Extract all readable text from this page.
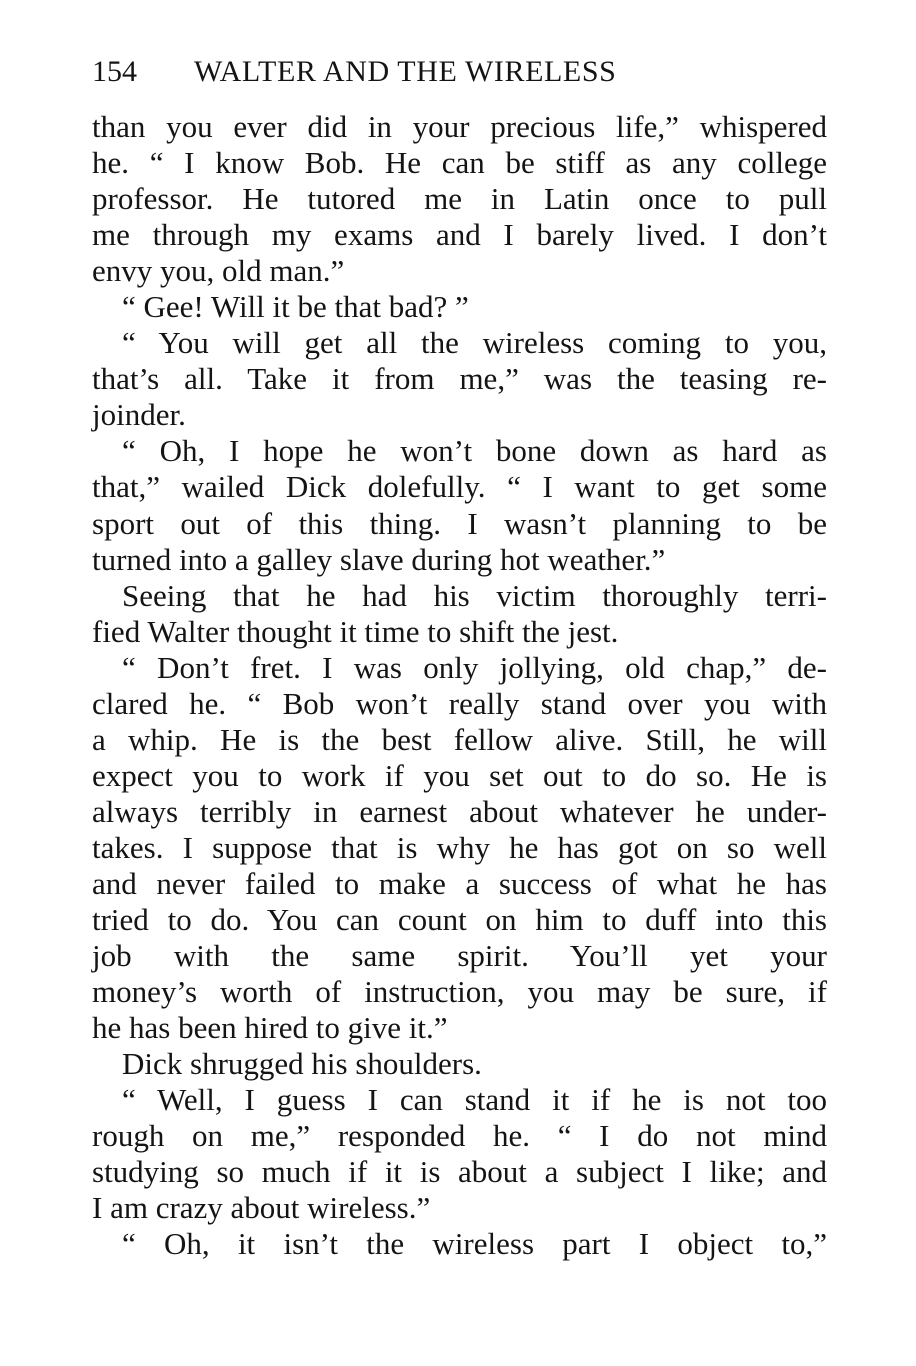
154 WALTER AND THE WIRELESS
than you ever did in your precious life,” whispered
he. “ I know Bob. He can be stiff as any college
professor. He tutored me in Latin once to pull
me through my exams and I barely lived. I don’t
envy you, old man.”
“ Gee! Will it be that bad? ”
“ You will get all the wireless coming to you,
that’s all. Take it from me,” was the teasing re-
joinder.
“ Oh, I hope he won’t bone down as hard as
that,” wailed Dick dolefully. “ I want to get some
sport out of this thing. I wasn’t planning to be
turned into a galley slave during hot weather.”
Seeing that he had his victim thoroughly terri-
fied Walter thought it time to shift the jest.
“ Don’t fret. I was only jollying, old chap,” de-
clared he. “ Bob won’t really stand over you with
a whip. He is the best fellow alive. Still, he will
expect you to work if you set out to do so. He is
always terribly in earnest about whatever he under-
takes. I suppose that is why he has got on so well
and never failed to make a success of what he has
tried to do. You can count on him to duff into this
job with the same spirit. You’ll yet your
money’s worth of instruction, you may be sure, if
he has been hired to give it.”
Dick shrugged his shoulders.
“ Well, I guess I can stand it if he is not too
rough on me,” responded he. “ I do not mind
studying so much if it is about a subject I like; and
I am crazy about wireless.”
“ Oh, it isn’t the wireless part I object to,”
